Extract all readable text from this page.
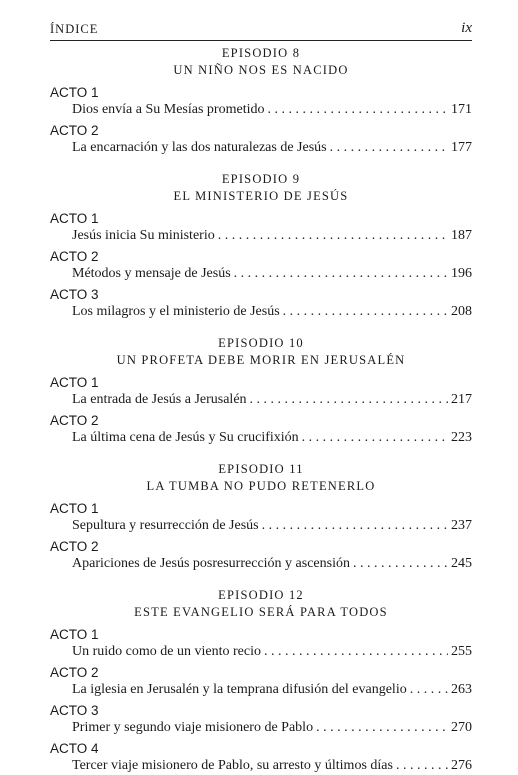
ÍNDICE	ix
EPISODIO 8
UN NIÑO NOS ES NACIDO
ACTO 1
Dios envía a Su Mesías prometido . . .	171
ACTO 2
La encarnación y las dos naturalezas de Jesús . . .	177
EPISODIO 9
EL MINISTERIO DE JESÚS
ACTO 1
Jesús inicia Su ministerio . . .	187
ACTO 2
Métodos y mensaje de Jesús . . .	196
ACTO 3
Los milagros y el ministerio de Jesús . . .	208
EPISODIO 10
UN PROFETA DEBE MORIR EN JERUSALÉN
ACTO 1
La entrada de Jesús a Jerusalén . . .	217
ACTO 2
La última cena de Jesús y Su crucifixión . . .	223
EPISODIO 11
LA TUMBA NO PUDO RETENERLO
ACTO 1
Sepultura y resurrección de Jesús . . .	237
ACTO 2
Apariciones de Jesús posresurrección y ascensión . . .	245
EPISODIO 12
ESTE EVANGELIO SERÁ PARA TODOS
ACTO 1
Un ruido como de un viento recio . . .	255
ACTO 2
La iglesia en Jerusalén y la temprana difusión del evangelio . . .	263
ACTO 3
Primer y segundo viaje misionero de Pablo . . .	270
ACTO 4
Tercer viaje misionero de Pablo, su arresto y últimos días . . .	276
